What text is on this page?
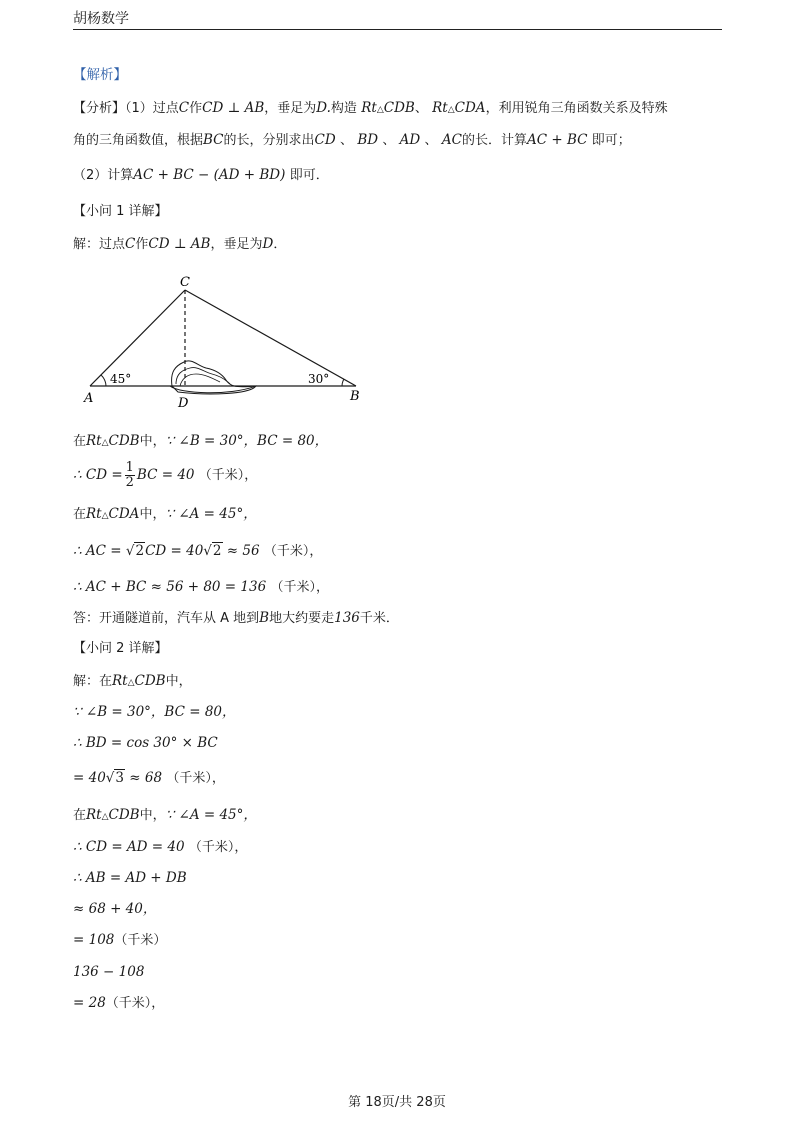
胡杨数学
【解析】
【分析】（1）过点C作CD ⊥ AB，垂足为D.构造 Rt△CDB、 Rt△CDA，利用锐角三角函数关系及特殊
角的三角函数值，根据BC的长，分别求出CD 、 BD 、 AD 、 AC的长．计算AC + BC 即可；
（2）计算AC + BC − (AD + BD) 即可．
【小问 1 详解】
解：过点C作CD ⊥ AB，垂足为D．
45°	30°
A	B
C
D
在Rt△CDB中，∵ ∠B = 30°，BC = 80，
∴ CD = $\frac{1}{2}$ BC = 40 （千米），
在Rt△CDA中，∵ ∠A = 45°，
∴ AC = √2CD = 40√2 ≈ 56 （千米），
∴ AC + BC ≈ 56 + 80 = 136 （千米），
答：开通隧道前，汽车从 A 地到B地大约要走136千米．
【小问 2 详解】
解：在Rt△CDB中，
∵ ∠B = 30°，BC = 80，
∴ BD = cos 30° × BC
= 40√3 ≈ 68 （千米），
在Rt△CDB中，∵ ∠A = 45°，
∴ CD = AD = 40 （千米），
∴ AB = AD + DB
≈ 68 + 40，
= 108（千米）
136 − 108
= 28（千米），
第 18页/共 28页
